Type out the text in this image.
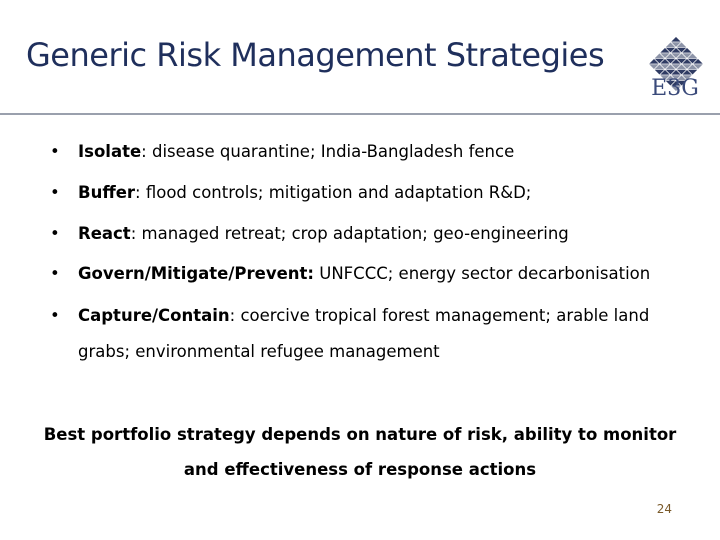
Generic Risk Management Strategies
E3G
• Isolate: disease quarantine; India-Bangladesh fence
• Buffer: flood controls; mitigation and adaptation R&D;
• React: managed retreat; crop adaptation; geo-engineering
• Govern/Mitigate/Prevent: UNFCCC; energy sector decarbonisation
• Capture/Contain: coercive tropical forest management; arable land
grabs; environmental refugee management
Best portfolio strategy depends on nature of risk, ability to monitor
and effectiveness of response actions
24
